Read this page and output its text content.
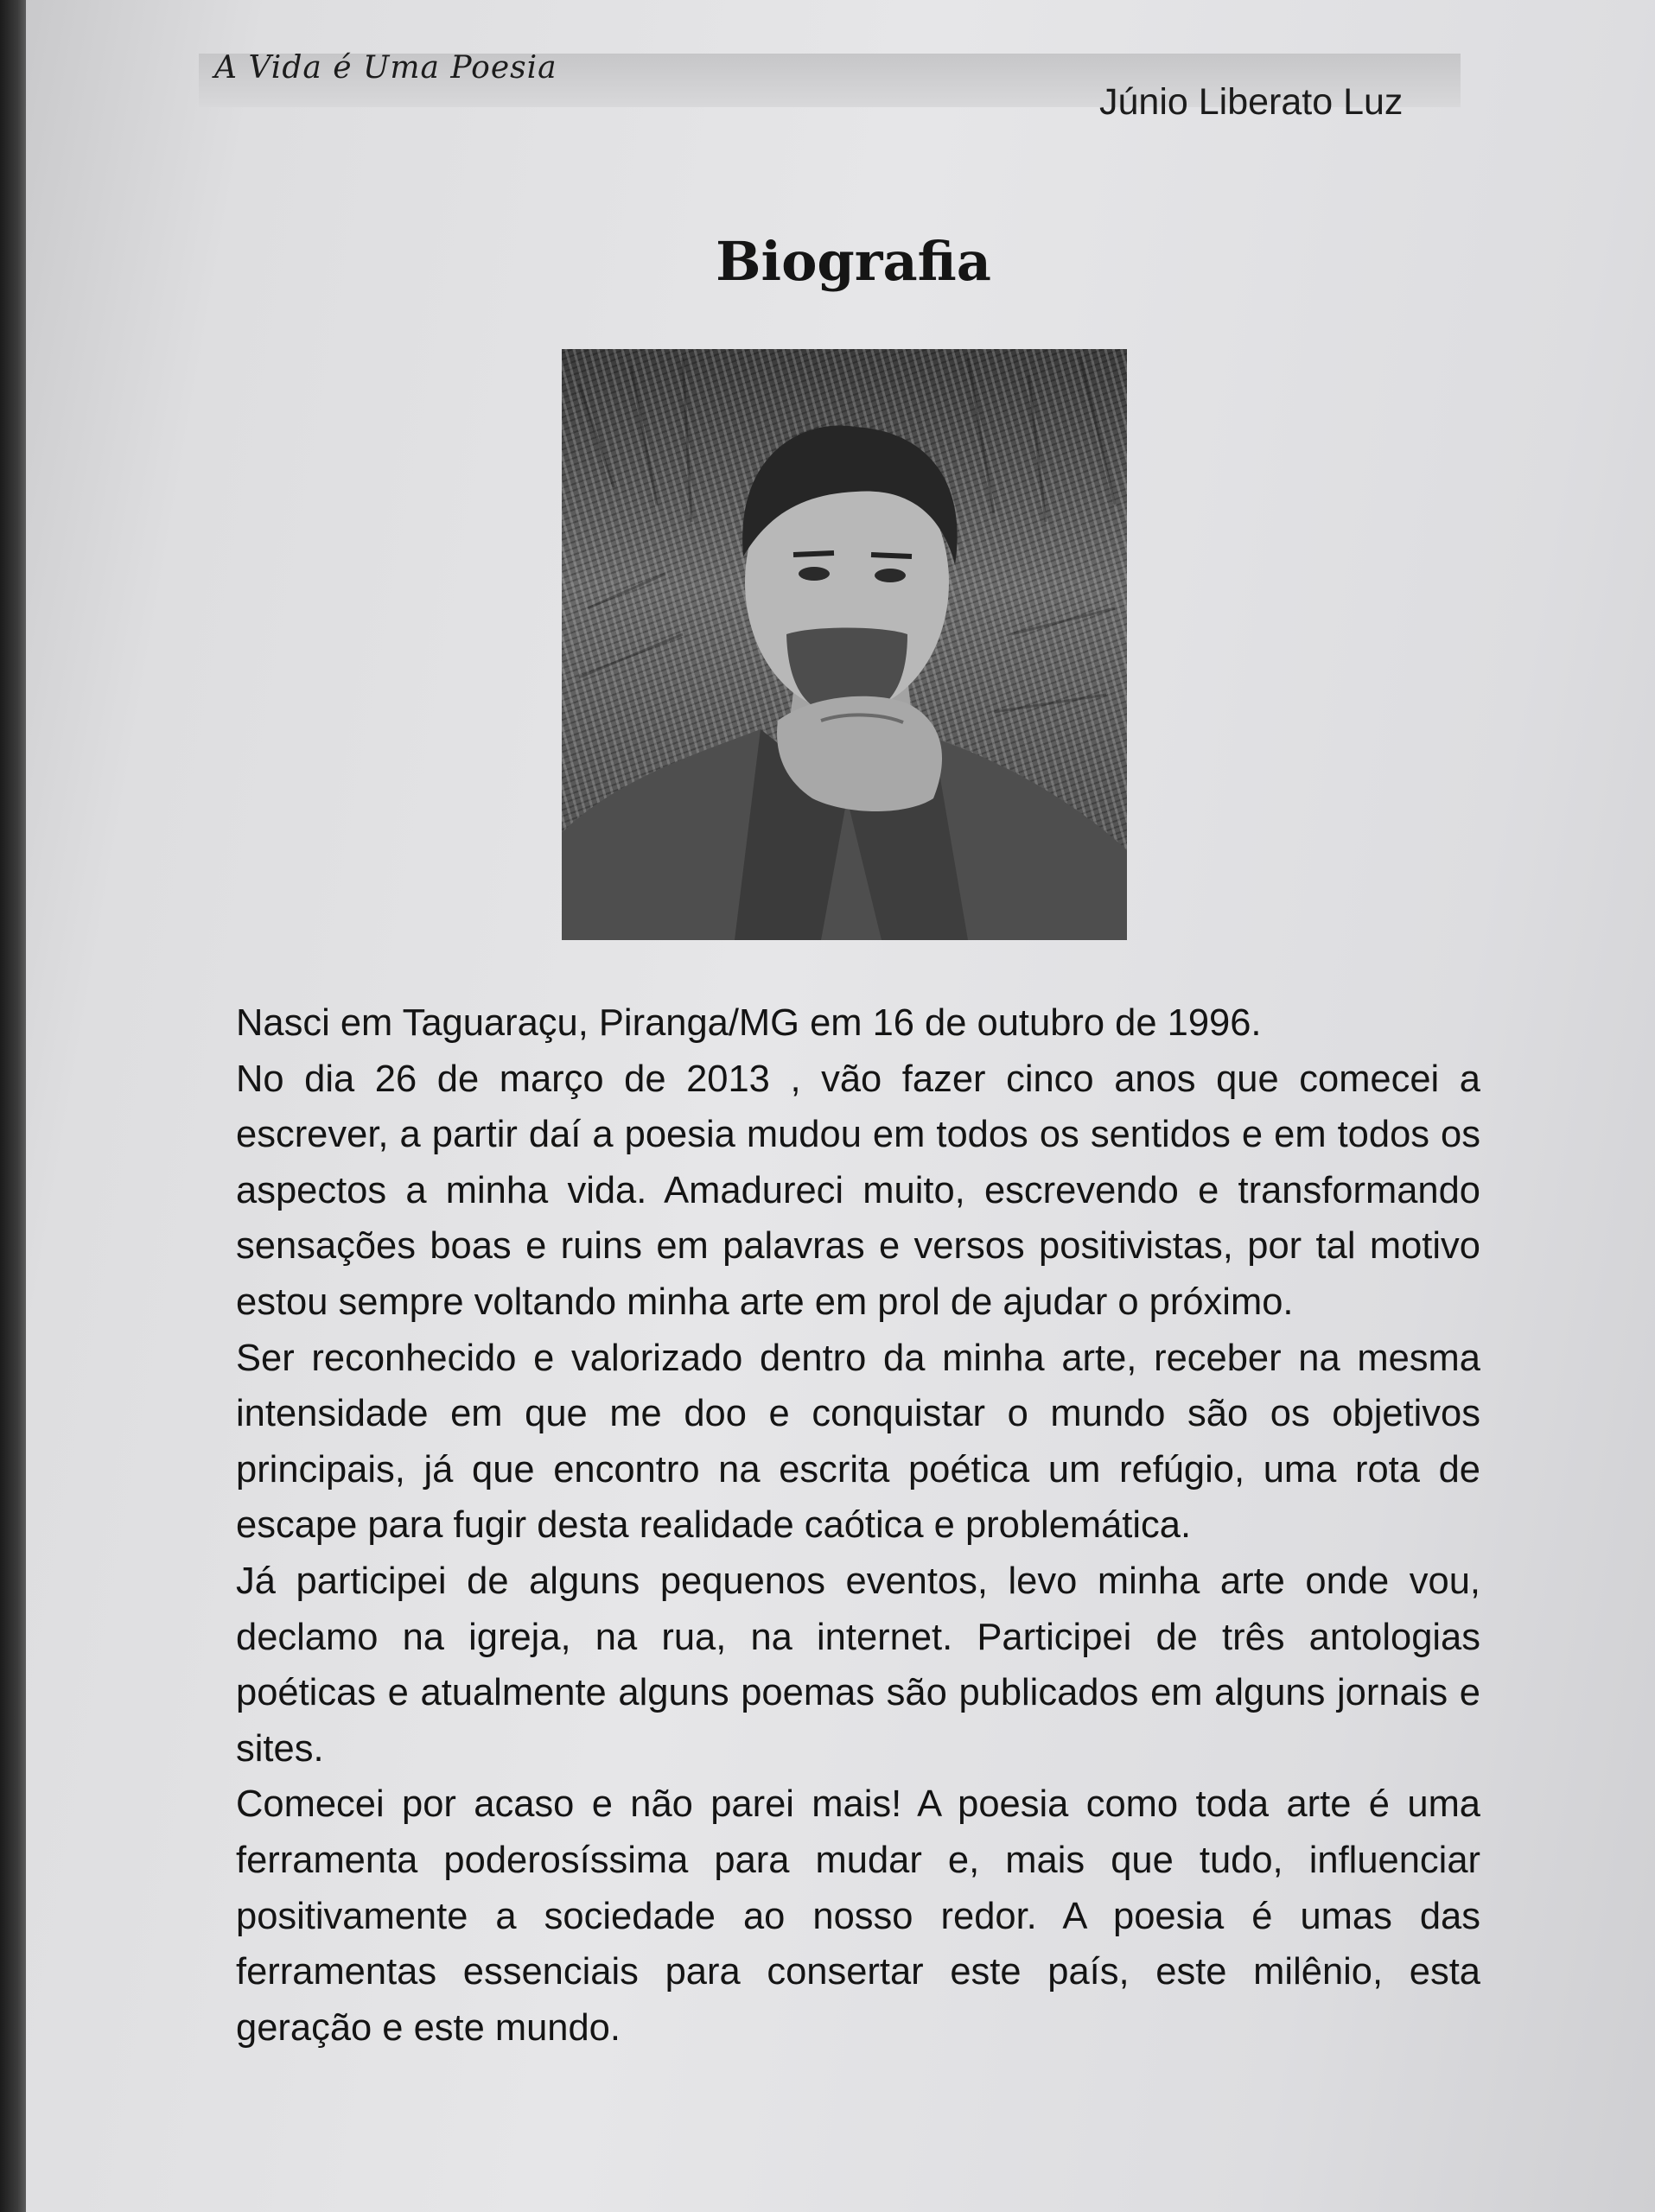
A Vida é Uma Poesia
Júnio Liberato Luz
Biografia

Nasci em Taguaraçu, Piranga/MG em 16 de outubro de 1996.

No dia 26 de março de 2013 , vão fazer cinco anos que comecei a escrever, a partir daí a poesia mudou em todos os sentidos e em todos os aspectos a minha vida. Amadureci muito, escrevendo e transformando sensações boas e ruins em palavras e versos positivistas, por tal motivo estou sempre voltando minha arte em prol de ajudar o próximo.

Ser reconhecido e valorizado dentro da minha arte, receber na mesma intensidade em que me doo e conquistar o mundo são os objetivos principais, já que encontro na escrita poética um refúgio, uma rota de escape para fugir desta realidade caótica e problemática.

Já participei de alguns pequenos eventos, levo minha arte onde vou, declamo na igreja, na rua, na internet. Participei de três antologias poéticas e atualmente alguns poemas são publicados em alguns jornais e sites.

Comecei por acaso e não parei mais! A poesia como toda arte é uma ferramenta poderosíssima para mudar e, mais que tudo, influenciar positivamente a sociedade ao nosso redor. A poesia é umas das ferramentas essenciais para consertar este país, este milênio, esta geração e este mundo.
